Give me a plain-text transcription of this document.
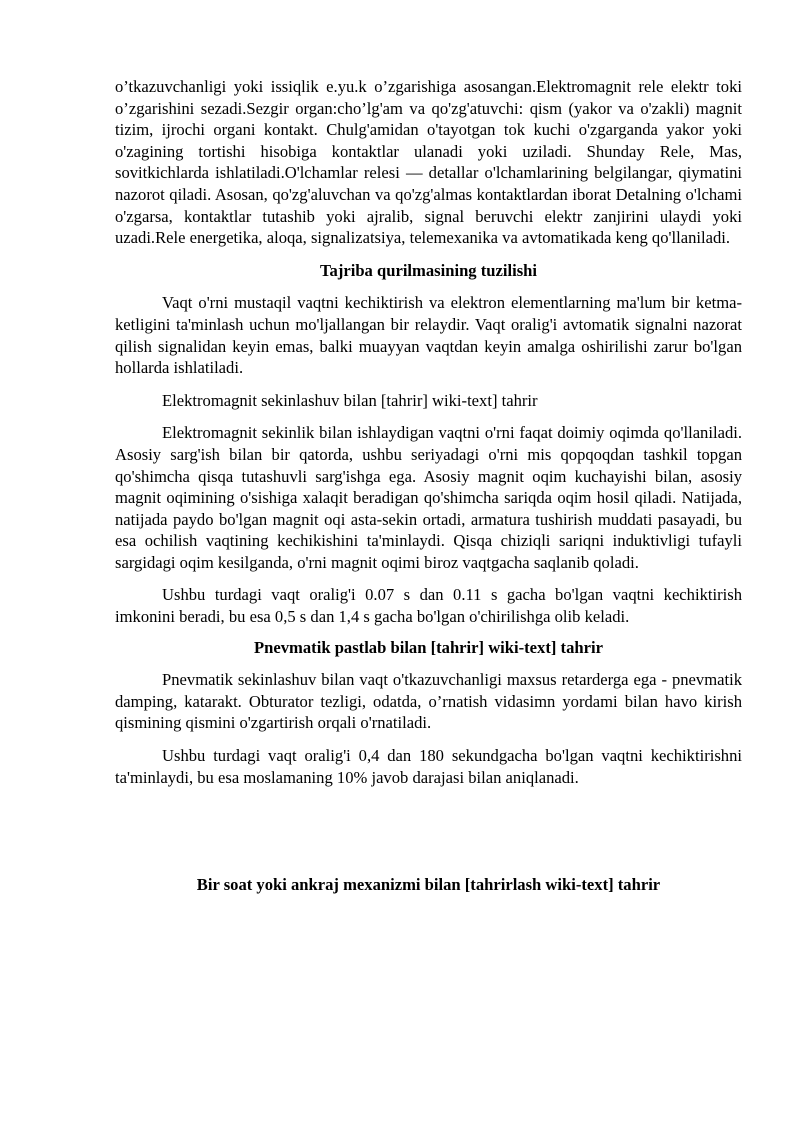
o’tkazuvchanligi yoki issiqlik e.yu.k o’zgarishiga asosangan.Elektromagnit rele elektr toki o’zgarishini sezadi.Sezgir organ:cho’lg'am va qo'zg'atuvchi: qism (yakor va o'zakli) magnit tizim, ijrochi organi kontakt. Chulg'amidan o'tayotgan tok kuchi o'zgarganda yakor yoki o'zagining tortishi hisobiga kontaktlar ulanadi yoki uziladi. Shunday Rele, Mas, sovitkichlarda ishlatiladi.O'lchamlar relesi — detallar o'lchamlarining belgilangar, qiymatini nazorot qiladi. Asosan, qo'zg'aluvchan va qo'zg'almas kontaktlardan iborat Detalning o'lchami o'zgarsa, kontaktlar tutashib yoki ajralib, signal beruvchi elektr zanjirini ulaydi yoki uzadi.Rele energetika, aloqa, signalizatsiya, telemexanika va avtomatikada keng qo'llaniladi.

Tajriba qurilmasining tuzilishi

Vaqt o'rni mustaqil vaqtni kechiktirish va elektron elementlarning ma'lum bir ketma- ketligini ta'minlash uchun mo'ljallangan bir relaydir. Vaqt oralig'i avtomatik signalni nazorat qilish signalidan keyin emas, balki muayyan vaqtdan keyin amalga oshirilishi zarur bo'lgan hollarda ishlatiladi.

Elektromagnit sekinlashuv bilan [tahrir] wiki-text] tahrir

Elektromagnit sekinlik bilan ishlaydigan vaqtni o'rni faqat doimiy oqimda qo'llaniladi. Asosiy sarg'ish bilan bir qatorda, ushbu seriyadagi o'rni mis qopqoqdan tashkil topgan qo'shimcha qisqa tutashuvli sarg'ishga ega. Asosiy magnit oqim kuchayishi bilan, asosiy magnit oqimining o'sishiga xalaqit beradigan qo'shimcha sariqda oqim hosil qiladi. Natijada, natijada paydo bo'lgan magnit oqi asta-sekin ortadi, armatura tushirish muddati pasayadi, bu esa ochilish vaqtining kechikishini ta'minlaydi. Qisqa chiziqli sariqni induktivligi tufayli sargidagi oqim kesilganda, o'rni magnit oqimi biroz vaqtgacha saqlanib qoladi.

Ushbu turdagi vaqt oralig'i 0.07 s dan 0.11 s gacha bo'lgan vaqtni kechiktirish imkonini beradi, bu esa 0,5 s dan 1,4 s gacha bo'lgan o'chirilishga olib keladi.

Pnevmatik pastlab bilan [tahrir] wiki-text] tahrir

Pnevmatik sekinlashuv bilan vaqt o'tkazuvchanligi maxsus retarderga ega - pnevmatik damping, katarakt. Obturator tezligi, odatda, o’rnatish vidasimn yordami bilan havo kirish qismining qismini o'zgartirish orqali o'rnatiladi.

Ushbu turdagi vaqt oralig'i 0,4 dan 180 sekundgacha bo'lgan vaqtni kechiktirishni ta'minlaydi, bu esa moslamaning 10% javob darajasi bilan aniqlanadi.

Bir soat yoki ankraj mexanizmi bilan [tahrirlash wiki-text] tahrir
